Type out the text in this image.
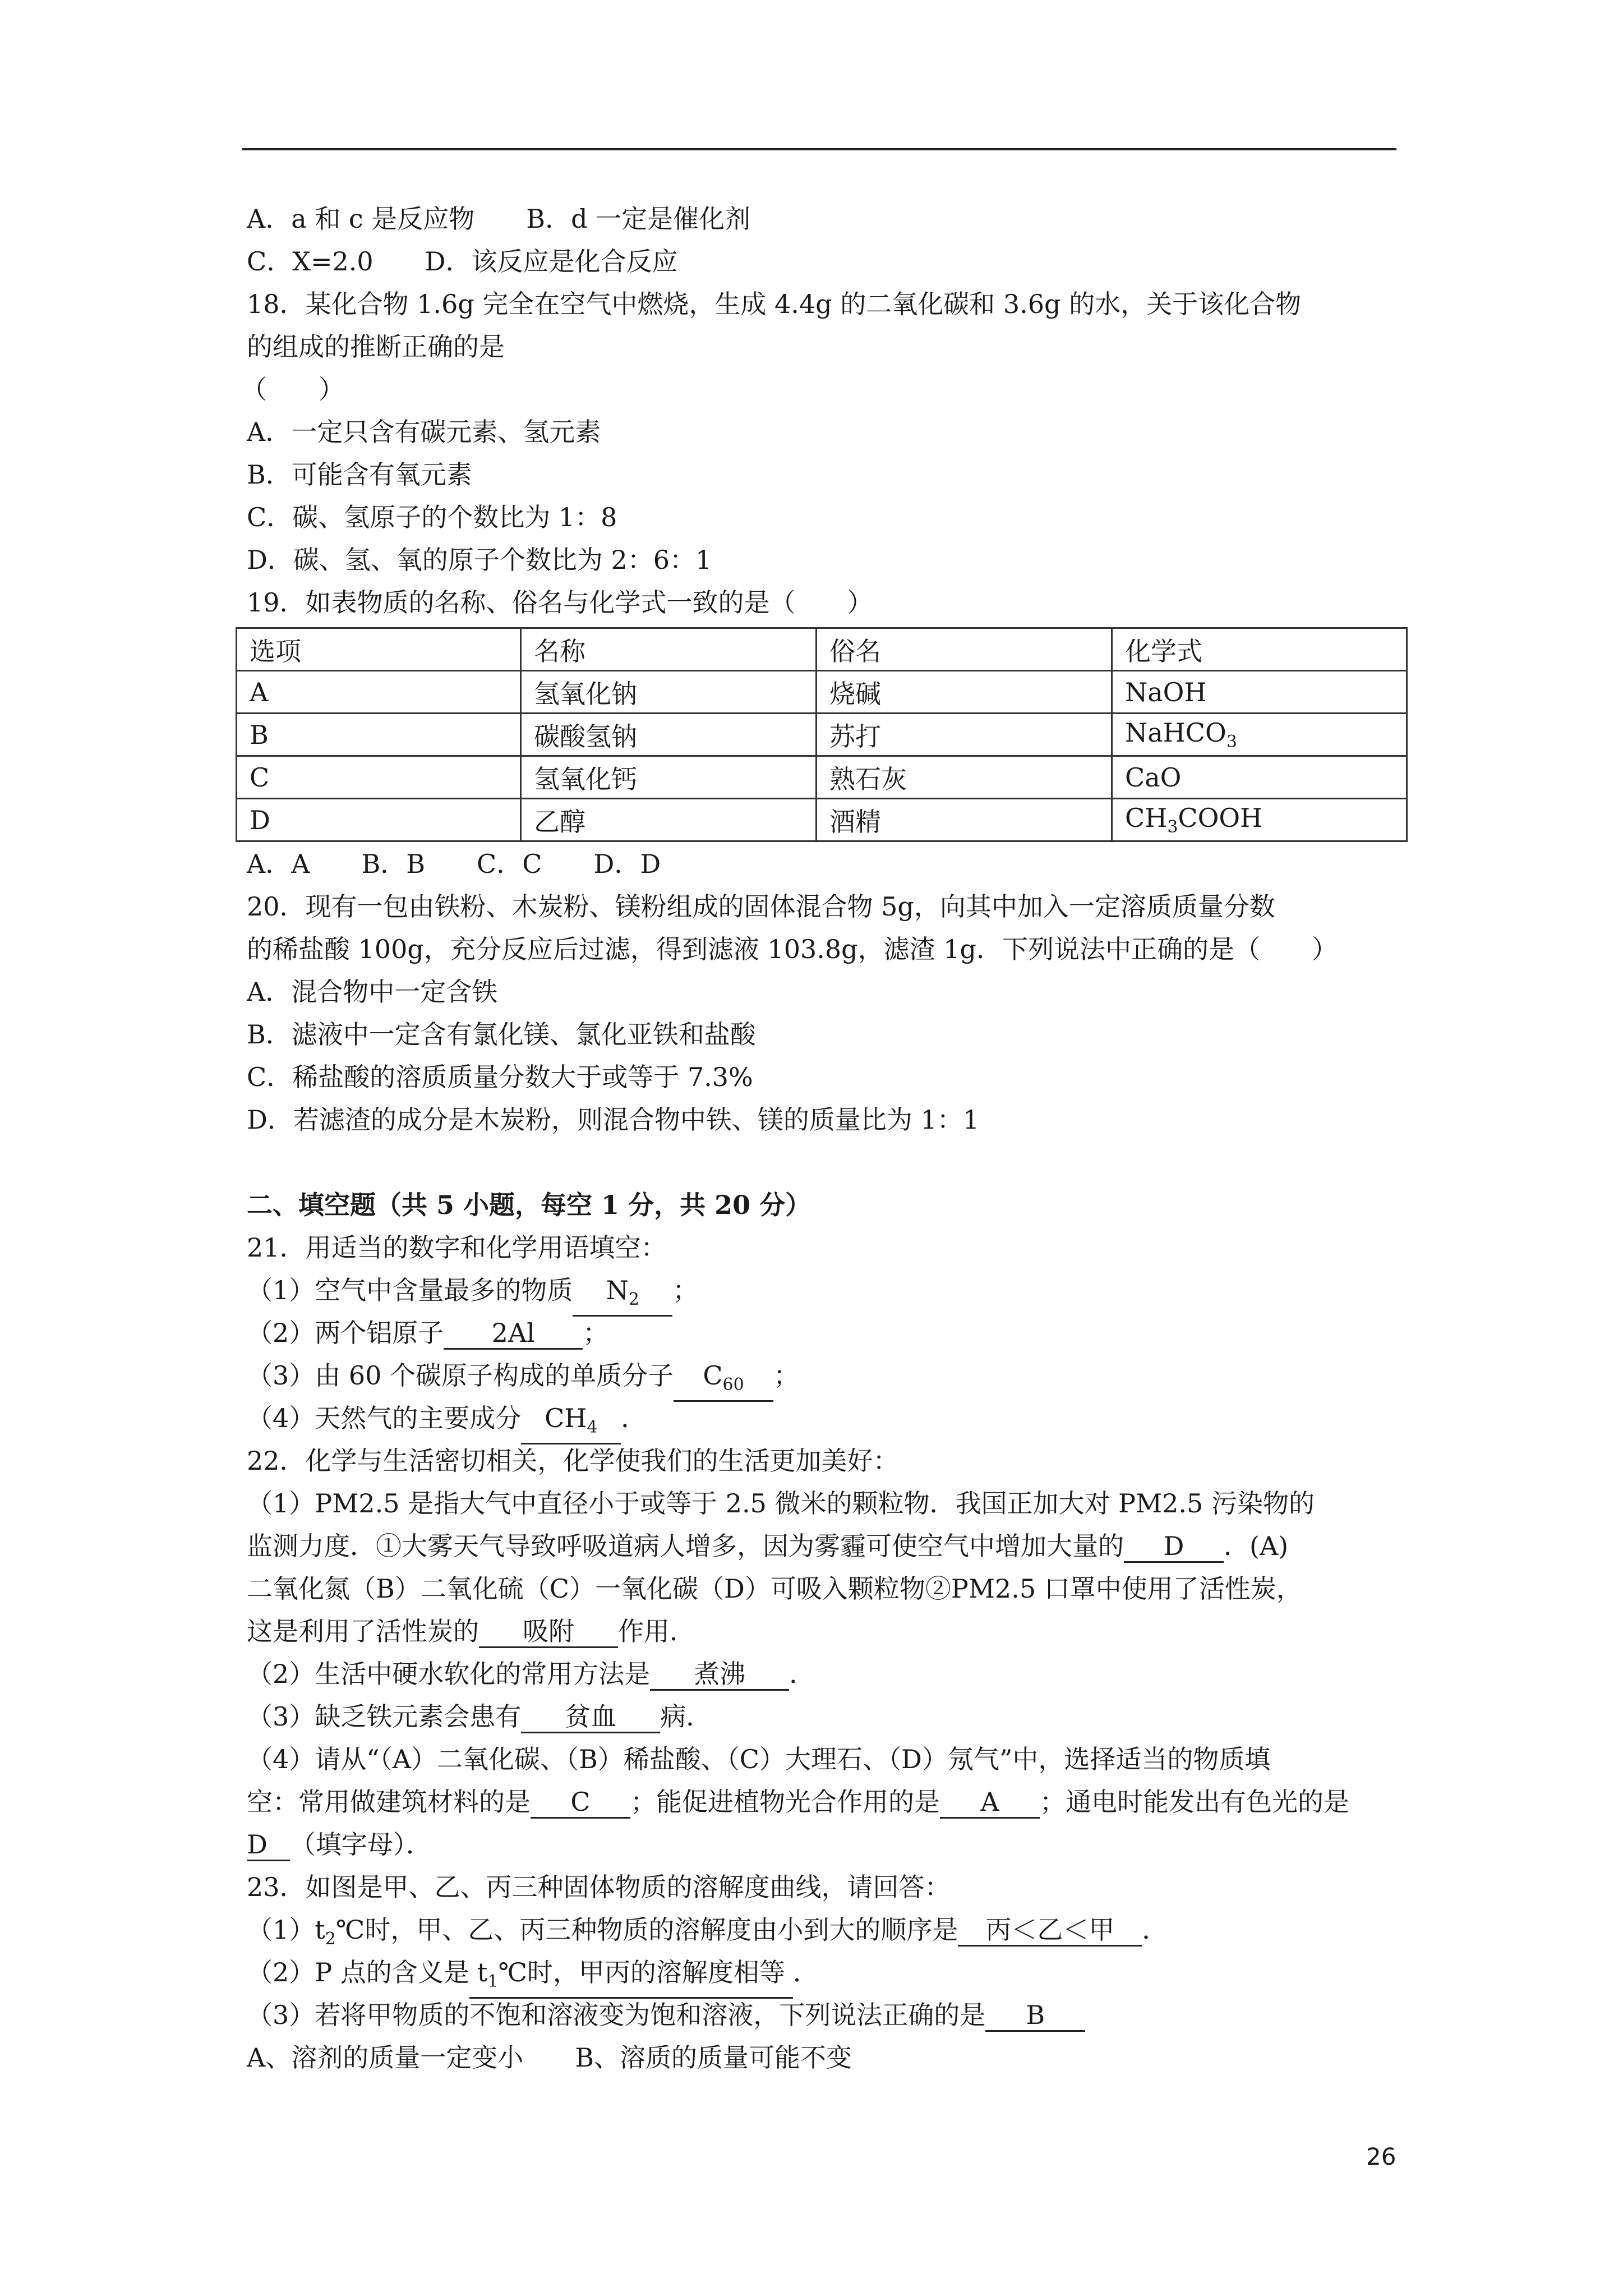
A．a 和 c 是反应物　　 B．d 一定是催化剂
C．X=2.0　　 D．该反应是化合反应
18．某化合物 1.6g 完全在空气中燃烧，生成 4.4g 的二氧化碳和 3.6g 的水，关于该化合物
的组成的推断正确的是
（　　）
A．一定只含有碳元素、氢元素
B．可能含有氧元素
C．碳、氢原子的个数比为 1：8
D．碳、氢、氧的原子个数比为 2：6：1
19．如表物质的名称、俗名与化学式一致的是（　　）
选项	名称	俗名	化学式
A	氢氧化钠	烧碱	NaOH
B	碳酸氢钠	苏打	NaHCO$_3$
C	氢氧化钙	熟石灰	CaO
D	乙醇	酒精	$CH_3COOH$
A．A　　B．B　　C．C　　D．D
20．现有一包由铁粉、木炭粉、镁粉组成的固体混合物 5g，向其中加入一定溶质质量分数
的稀盐酸 100g，充分反应后过滤，得到滤液 103.8g，滤渣 1g．下列说法中正确的是（　　）
A．混合物中一定含铁
B．滤液中一定含有氯化镁、氯化亚铁和盐酸
C．稀盐酸的溶质质量分数大于或等于 7.3%
D．若滤渣的成分是木炭粉，则混合物中铁、镁的质量比为 1：1
二、填空题（共 5 小题，每空 1 分，共 20 分）
21．用适当的数字和化学用语填空：
（1）空气中含量最多的物质 $N_2$ ；
（2）两个铝原子 2Al ；
（3）由 60 个碳原子构成的单质分子 $C_{60}$ ；
（4）天然气的主要成分 $CH_4$ ．
22．化学与生活密切相关，化学使我们的生活更加美好：
（1）PM2.5 是指大气中直径小于或等于 2.5 微米的颗粒物．我国正加大对 PM2.5 污染物的
监测力度．①大雾天气导致呼吸道病人增多，因为雾霾可使空气中增加大量的 D ．(A)
二氧化氮（B）二氧化硫（C）一氧化碳（D）可吸入颗粒物②PM2.5 口罩中使用了活性炭，
这是利用了活性炭的 吸附 作用．
（2）生活中硬水软化的常用方法是 煮沸 ．
（3）缺乏铁元素会患有 贫血 病．
（4）请从“（A）二氧化碳、（B）稀盐酸、（C）大理石、（D）氖气”中，选择适当的物质填
空：常用做建筑材料的是 C ；能促进植物光合作用的是 A ；通电时能发出有色光的是
D （填字母）．
23．如图是甲、乙、丙三种固体物质的溶解度曲线，请回答：
$(1)t_2℃$时，甲、乙、丙三种物质的溶解度由小到大的顺序是 丙＜乙＜甲 ．
（2）P 点的含义是 $t_1℃$时，甲丙的溶解度相等 ．
（3）若将甲物质的不饱和溶液变为饱和溶液，下列说法正确的是 B
A、溶剂的质量一定变小　　B、溶质的质量可能不变
26
